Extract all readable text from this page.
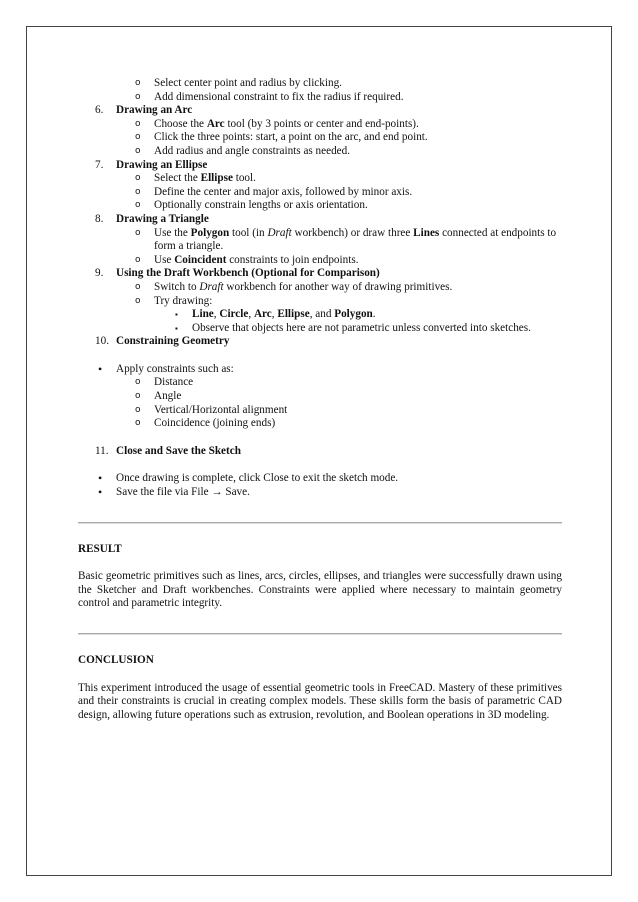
o Select center point and radius by clicking.
o Add dimensional constraint to fix the radius if required.
6. Drawing an Arc
o Choose the Arc tool (by 3 points or center and end-points).
o Click the three points: start, a point on the arc, and end point.
o Add radius and angle constraints as needed.
7. Drawing an Ellipse
o Select the Ellipse tool.
o Define the center and major axis, followed by minor axis.
o Optionally constrain lengths or axis orientation.
8. Drawing a Triangle
o Use the Polygon tool (in Draft workbench) or draw three Lines connected at endpoints to form a triangle.
o Use Coincident constraints to join endpoints.
9. Using the Draft Workbench (Optional for Comparison)
o Switch to Draft workbench for another way of drawing primitives.
o Try drawing:
▪ Line, Circle, Arc, Ellipse, and Polygon.
▪ Observe that objects here are not parametric unless converted into sketches.
10. Constraining Geometry
• Apply constraints such as:
o Distance
o Angle
o Vertical/Horizontal alignment
o Coincidence (joining ends)
11. Close and Save the Sketch
• Once drawing is complete, click Close to exit the sketch mode.
• Save the file via File → Save.
RESULT
Basic geometric primitives such as lines, arcs, circles, ellipses, and triangles were successfully drawn using the Sketcher and Draft workbenches. Constraints were applied where necessary to maintain geometry control and parametric integrity.
CONCLUSION
This experiment introduced the usage of essential geometric tools in FreeCAD. Mastery of these primitives and their constraints is crucial in creating complex models. These skills form the basis of parametric CAD design, allowing future operations such as extrusion, revolution, and Boolean operations in 3D modeling.
